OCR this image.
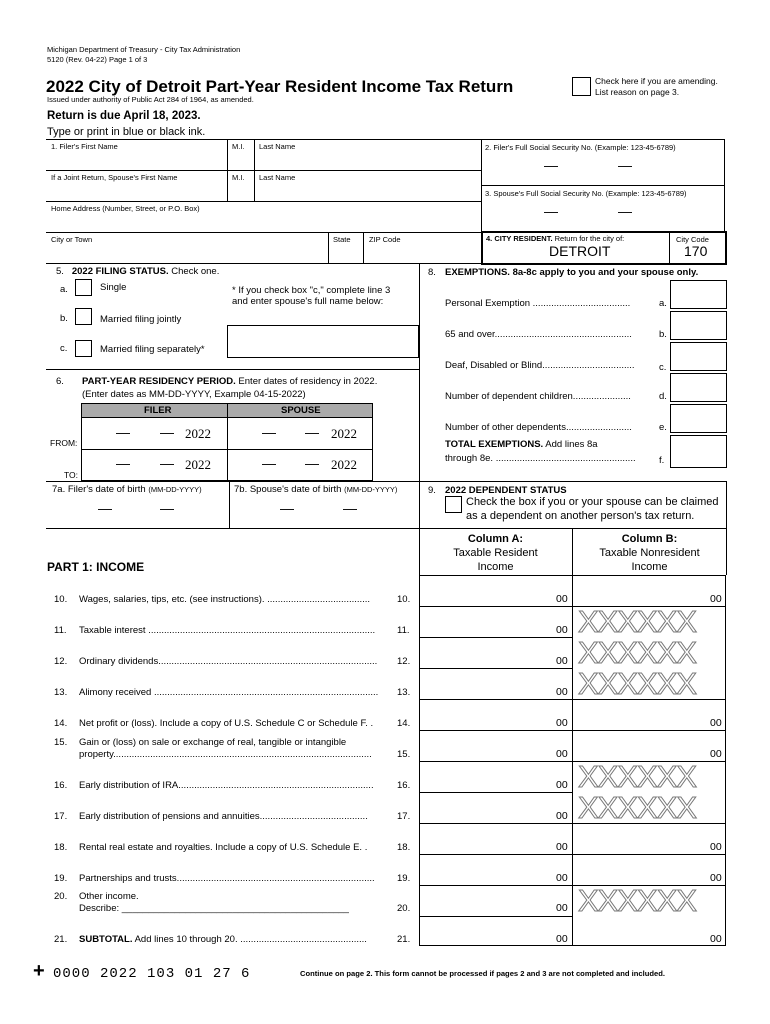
Michigan Department of Treasury - City Tax Administration
5120 (Rev. 04-22) Page 1 of 3
2022 City of Detroit Part-Year Resident Income Tax Return
Issued under authority of Public Act 284 of 1964, as amended.
Check here if you are amending. List reason on page 3.
Return is due April 18, 2023.
Type or print in blue or black ink.
1. Filer's First Name	M.I. Last Name
If a Joint Return, Spouse's First Name	M.I. Last Name
Home Address (Number, Street, or P.O. Box)
City or Town	State ZIP Code
2. Filer's Full Social Security No. (Example: 123-45-6789)
—	—
3. Spouse's Full Social Security No. (Example: 123-45-6789)
—	—
4. CITY RESIDENT. Return for the city of:
DETROIT
City Code
170
5. 2022 FILING STATUS. Check one.
a.	Single
b.	Married filing jointly
c.	Married filing separately*
* If you check box "c," complete line 3 and enter spouse's full name below:
6. PART-YEAR RESIDENCY PERIOD. Enter dates of residency in 2022.
(Enter dates as MM-DD-YYYY, Example 04-15-2022)
FILER	SPOUSE
FROM:
TO:
— — 2022	— — 2022
— — 2022	— — 2022
7a. Filer's date of birth (MM-DD-YYYY)	7b. Spouse's date of birth (MM-DD-YYYY)
—	—	—	—
8. EXEMPTIONS. 8a-8c apply to you and your spouse only.
Personal Exemption .....................................	a.
65 and over....................................................	b.
Deaf, Disabled or Blind...................................	c.
Number of dependent children......................	d.
Number of other dependents.........................	e.
TOTAL EXEMPTIONS. Add lines 8a
through 8e. ..................................................... f.
9. 2022 DEPENDENT STATUS
Check the box if you or your spouse can be claimed
as a dependent on another person's tax return.
Column A:
Taxable Resident
Income
Column B:
Taxable Nonresident
Income
PART 1: INCOME
10. Wages, salaries, tips, etc. (see instructions). .......................................	10.	00	00
11. Taxable interest ...................................................................................... 11.	00 XXXXXX
12. Ordinary dividends................................................................................... 12.	00 XXXXXX
13. Alimony received ..................................................................................... 13.	00 XXXXXX
14. Net profit or (loss). Include a copy of U.S. Schedule C or Schedule F. .	14.	00	00
15. Gain or (loss) on sale or exchange of real, tangible or intangible
property..................................................................................................	15.	00	00
16. Early distribution of IRA.......................................................................... 16.	00 XXXXXX
17. Early distribution of pensions and annuities.........................................	17.	00 XXXXXX
18. Rental real estate and royalties. Include a copy of U.S. Schedule E. .	18.	00	00
19. Partnerships and trusts........................................................................... 19.	00	00
20. Other income.
Describe: ___________________________________________	20.	00 XXXXXX
21. SUBTOTAL. Add lines 10 through 20. ................................................	21.	00	00
+ 0000 2022 103 01 27 6	Continue on page 2. This form cannot be processed if pages 2 and 3 are not completed and included.
